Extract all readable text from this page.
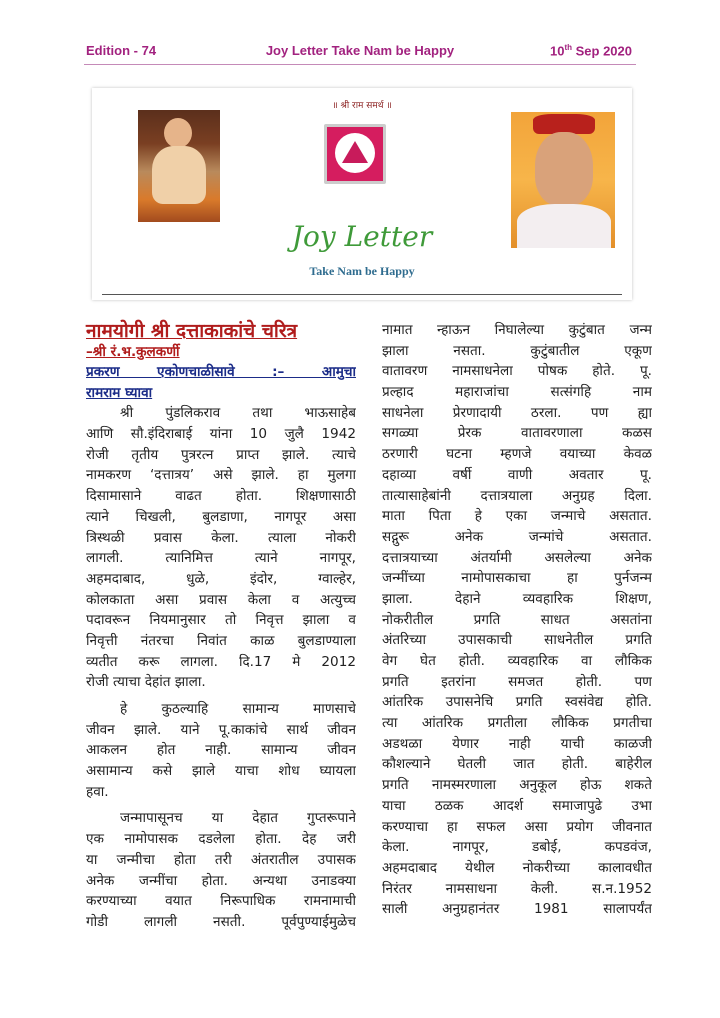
Edition - 74	Joy Letter Take Nam be Happy	10th Sep 2020
॥ श्री राम समर्थ ॥
Joy Letter
Take Nam be Happy
नामयोगी श्री दत्ताकाकांचे चरित्र
–श्री रं.भ.कुलकर्णी
प्रकरण एकोणचाळीसावे :– आमुचा
रामराम घ्यावा
श्री पुंडलिकराव तथा भाऊसाहेब
आणि सौ.इंदिराबाई यांना 10 जुलै 1942
रोजी तृतीय पुत्ररत्न प्राप्त झाले. त्याचे
नामकरण ‘दत्तात्रय’ असे झाले. हा मुलगा
दिसामासाने वाढत होता. शिक्षणासाठी
त्याने चिखली, बुलडाणा, नागपूर असा
त्रिस्थळी प्रवास केला. त्याला नोकरी
लागली. त्यानिमित्त त्याने नागपूर,
अहमदाबाद, धुळे, इंदोर, ग्वाल्हेर,
कोलकाता असा प्रवास केला व अत्युच्च
पदावरून नियमानुसार तो निवृत्त झाला व
निवृत्ती नंतरचा निवांत काळ बुलडाण्याला
व्यतीत करू लागला. दि.17 मे 2012
रोजी त्याचा देहांत झाला.
हे कुठल्याहि सामान्य माणसाचे
जीवन झाले. याने पू.काकांचे सार्थ जीवन
आकलन होत नाही. सामान्य जीवन
असामान्य कसे झाले याचा शोध घ्यायला
हवा.
जन्मापासूनच या देहात गुप्तरूपाने
एक नामोपासक दडलेला होता. देह जरी
या जन्मीचा होता तरी अंतरातील उपासक
अनेक जन्मींचा होता. अन्यथा उनाडक्या
करण्याच्या वयात निरूपाधिक रामनामाची
गोडी लागली नसती. पूर्वपुण्याईमुळेच
नामात न्हाऊन निघालेल्या कुटुंबात जन्म
झाला नसता. कुटुंबातील एकूण
वातावरण नामसाधनेला पोषक होते. पू.
प्रल्हाद महाराजांचा सत्संगहि नाम
साधनेला प्रेरणादायी ठरला. पण ह्या
सगळ्या प्रेरक वातावरणाला कळस
ठरणारी घटना म्हणजे वयाच्या केवळ
दहाव्या वर्षी वाणी अवतार पू.
तात्यासाहेबांनी दत्तात्रयाला अनुग्रह दिला.
माता पिता हे एका जन्माचे असतात.
सद्गुरू अनेक जन्मांचे असतात.
दत्तात्रयाच्या अंतर्यामी असलेल्या अनेक
जन्मींच्या नामोपासकाचा हा पुर्नजन्म
झाला. देहाने व्यवहारिक शिक्षण,
नोकरीतील प्रगति साधत असतांना
अंतरिच्या उपासकाची साधनेतील प्रगति
वेग घेत होती. व्यवहारिक वा लौकिक
प्रगति इतरांना समजत होती. पण
आंतरिक उपासनेचि प्रगति स्वसंवेद्य होति.
त्या आंतरिक प्रगतीला लौकिक प्रगतीचा
अडथळा येणार नाही याची काळजी
कौशल्याने घेतली जात होती. बाहेरील
प्रगति नामस्मरणाला अनुकूल होऊ शकते
याचा ठळक आदर्श समाजापुढे उभा
करण्याचा हा सफल असा प्रयोग जीवनात
केला. नागपूर, डबोई, कपडवंज,
अहमदाबाद येथील नोकरीच्या कालावधीत
निरंतर नामसाधना केली. स.न.1952
साली अनुग्रहानंतर 1981 सालापर्यंत
